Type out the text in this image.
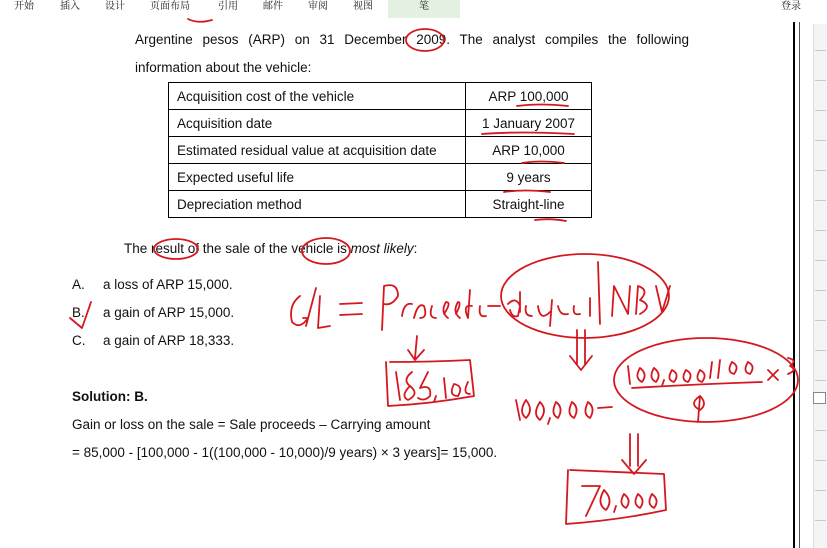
开始	插入	设计	页面布局	引用	邮件	审阅	视图	笔	登录
Argentine pesos (ARP) on 31 December 2009. The analyst compiles the following
information about the vehicle:
Acquisition cost of the vehicle	ARP 100,000
Acquisition date	1 January 2007
Estimated residual value at acquisition date	ARP 10,000
Expected useful life	9 years
Depreciation method	Straight-line
The result of the sale of the vehicle is most likely:
A. a loss of ARP 15,000.
B. a gain of ARP 15,000.
C. a gain of ARP 18,333.
Solution: B.
Gain or loss on the sale = Sale proceeds – Carrying amount
= 85,000 - [100,000 - 1((100,000 - 10,000)/9 years) × 3 years]= 15,000.
